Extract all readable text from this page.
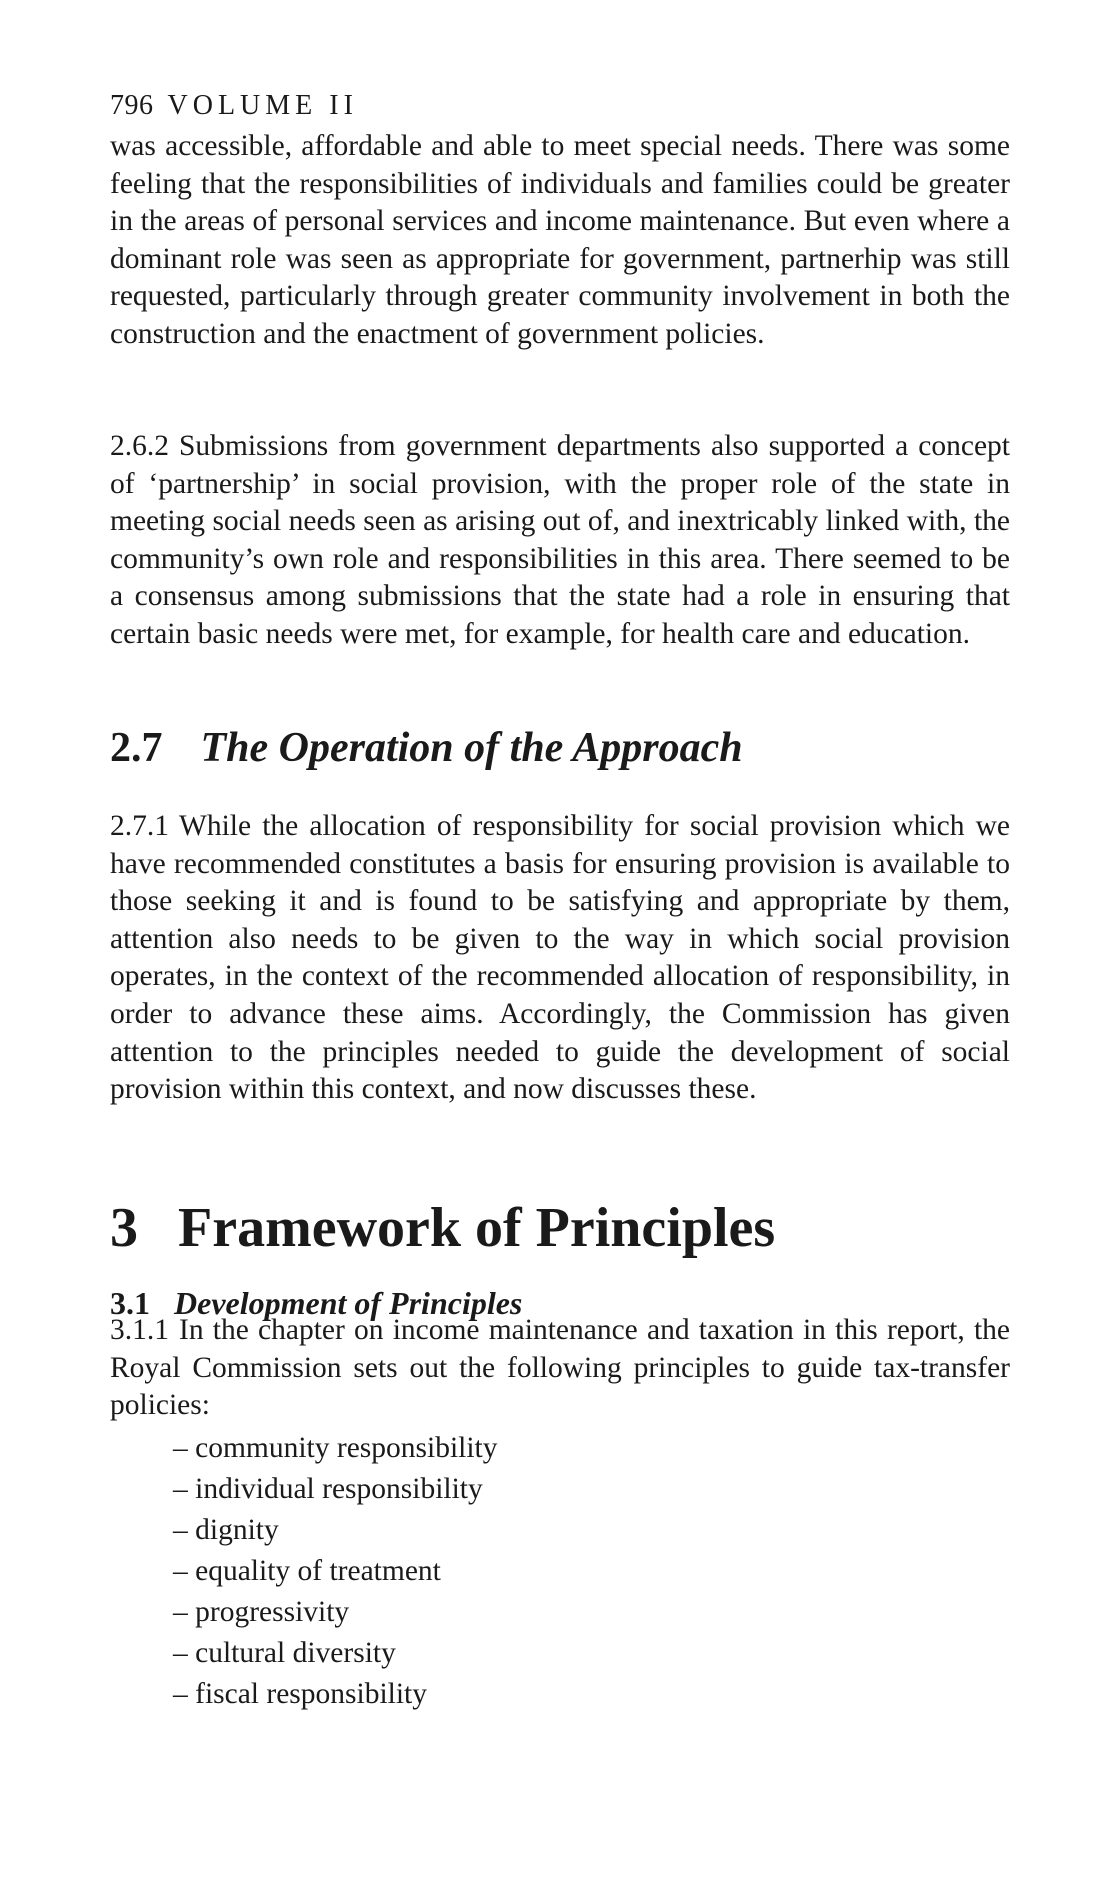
796 VOLUME II

was accessible, affordable and able to meet special needs. There was some feeling that the responsibilities of individuals and families could be greater in the areas of personal services and income maintenance. But even where a dominant role was seen as appropriate for government, partnerhip was still requested, particularly through greater community involvement in both the construction and the enactment of government policies.

2.6.2 Submissions from government departments also supported a concept of ‘partnership’ in social provision, with the proper role of the state in meeting social needs seen as arising out of, and inextricably linked with, the community’s own role and responsibilities in this area. There seemed to be a consensus among submissions that the state had a role in ensuring that certain basic needs were met, for example, for health care and education.

2.7 The Operation of the Approach

2.7.1 While the allocation of responsibility for social provision which we have recommended constitutes a basis for ensuring provision is available to those seeking it and is found to be satisfying and appropriate by them, attention also needs to be given to the way in which social provision operates, in the context of the recommended allocation of responsibility, in order to advance these aims. Accordingly, the Commission has given attention to the principles needed to guide the development of social provision within this context, and now discusses these.

3 Framework of Principles
3.1 Development of Principles

3.1.1 In the chapter on income maintenance and taxation in this report, the Royal Commission sets out the following principles to guide tax-transfer policies:

– community responsibility
– individual responsibility
– dignity
– equality of treatment
– progressivity
– cultural diversity
– fiscal responsibility
